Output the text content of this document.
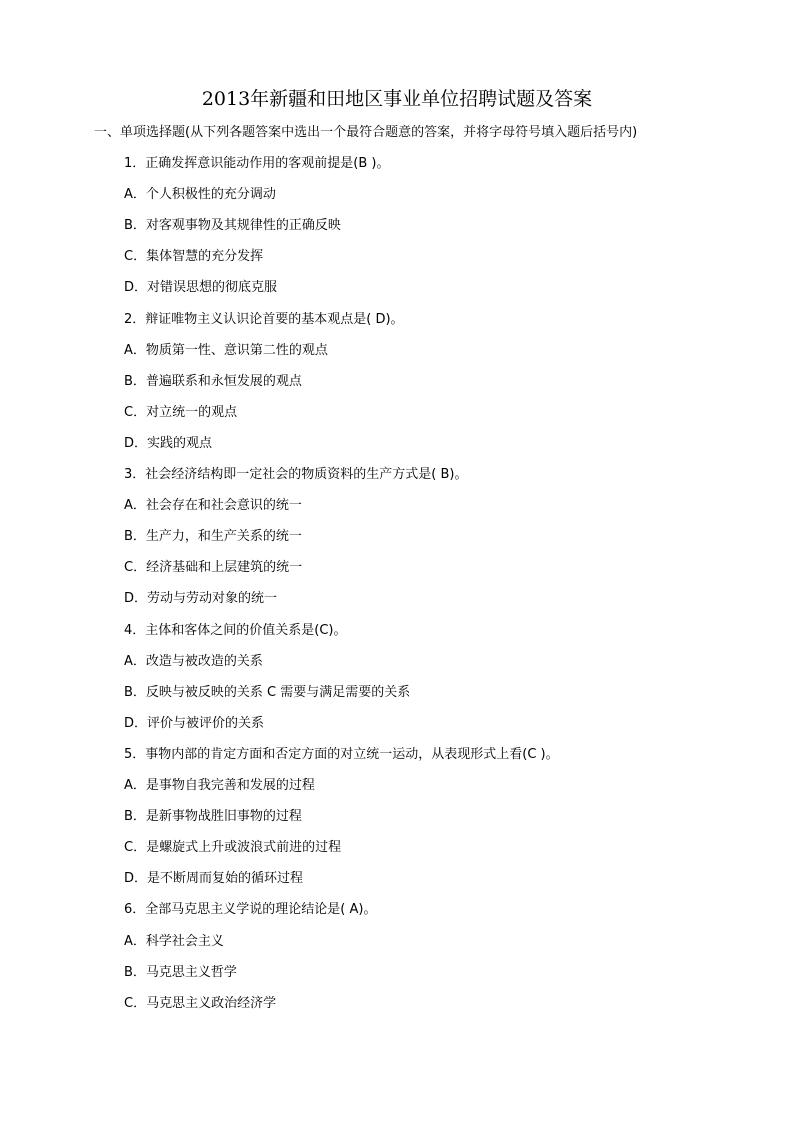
2013年新疆和田地区事业单位招聘试题及答案
一、单项选择题(从下列各题答案中选出一个最符合题意的答案，并将字母符号填入题后括号内)
1．正确发挥意识能动作用的客观前提是(B )。
A．个人积极性的充分调动
B．对客观事物及其规律性的正确反映
C．集体智慧的充分发挥
D．对错误思想的彻底克服
2．辩证唯物主义认识论首要的基本观点是( D)。
A．物质第一性、意识第二性的观点
B．普遍联系和永恒发展的观点
C．对立统一的观点
D．实践的观点
3．社会经济结构即一定社会的物质资料的生产方式是( B)。
A．社会存在和社会意识的统一
B．生产力，和生产关系的统一
C．经济基础和上层建筑的统一
D．劳动与劳动对象的统一
4．主体和客体之间的价值关系是(C)。
A．改造与被改造的关系
B．反映与被反映的关系 C 需要与满足需要的关系
D．评价与被评价的关系
5．事物内部的肯定方面和否定方面的对立统一运动，从表现形式上看(C )。
A．是事物自我完善和发展的过程
B．是新事物战胜旧事物的过程
C．是螺旋式上升或波浪式前进的过程
D．是不断周而复始的循环过程
6．全部马克思主义学说的理论结论是( A)。
A．科学社会主义
B．马克思主义哲学
C．马克思主义政治经济学
